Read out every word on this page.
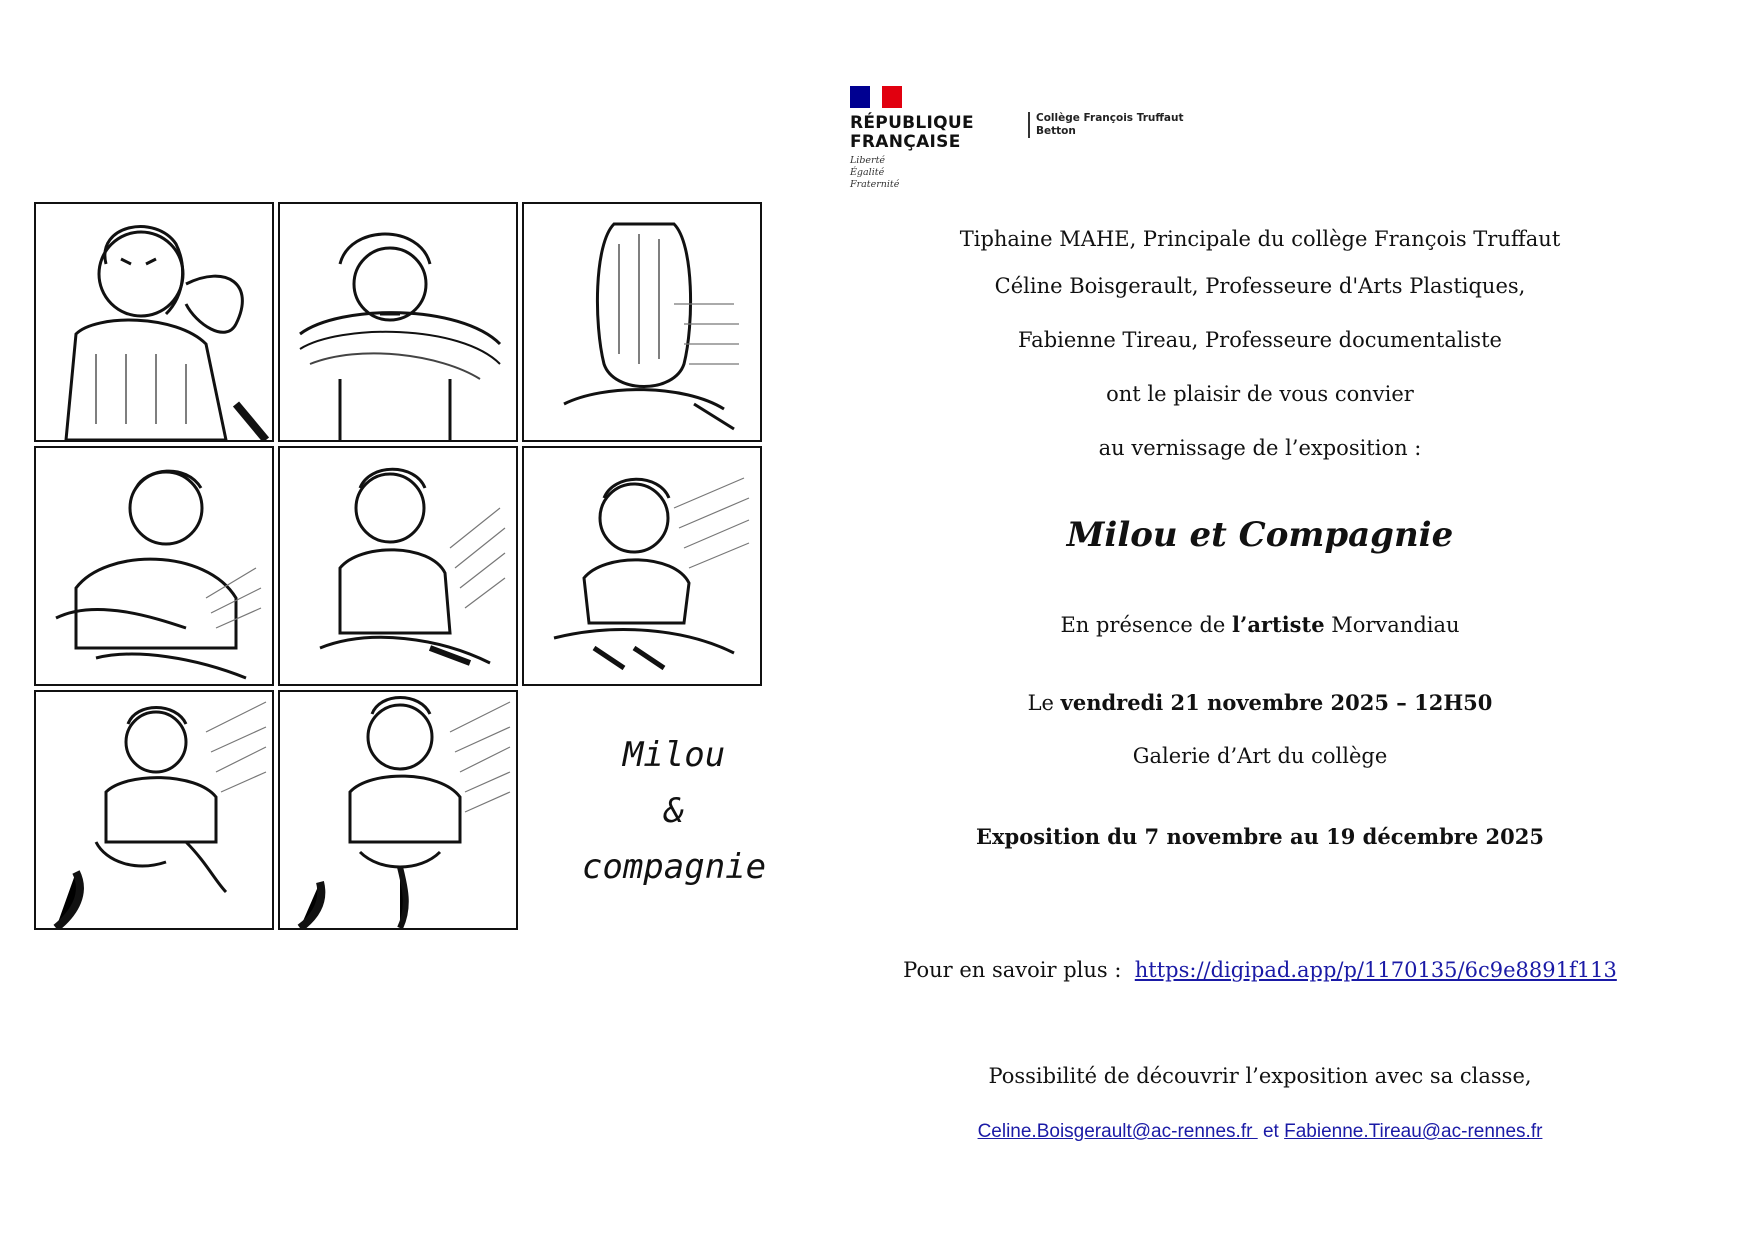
Milou
&
compagnie
RÉPUBLIQUE
FRANÇAISE
Liberté
Égalité
Fraternité
Collège François Truffaut
Betton
Tiphaine MAHE, Principale du collège François Truffaut
Céline Boisgerault, Professeure d'Arts Plastiques,
Fabienne Tireau, Professeure documentaliste
ont le plaisir de vous convier
au vernissage de l’exposition :
Milou et Compagnie
En présence de l’artiste Morvandiau
Le vendredi 21 novembre 2025 – 12H50
Galerie d’Art du collège
Exposition du 7 novembre au 19 décembre 2025
Pour en savoir plus :  https://digipad.app/p/1170135/6c9e8891f113
Possibilité de découvrir l’exposition avec sa classe,
Celine.Boisgerault@ac-rennes.fr  et Fabienne.Tireau@ac-rennes.fr
